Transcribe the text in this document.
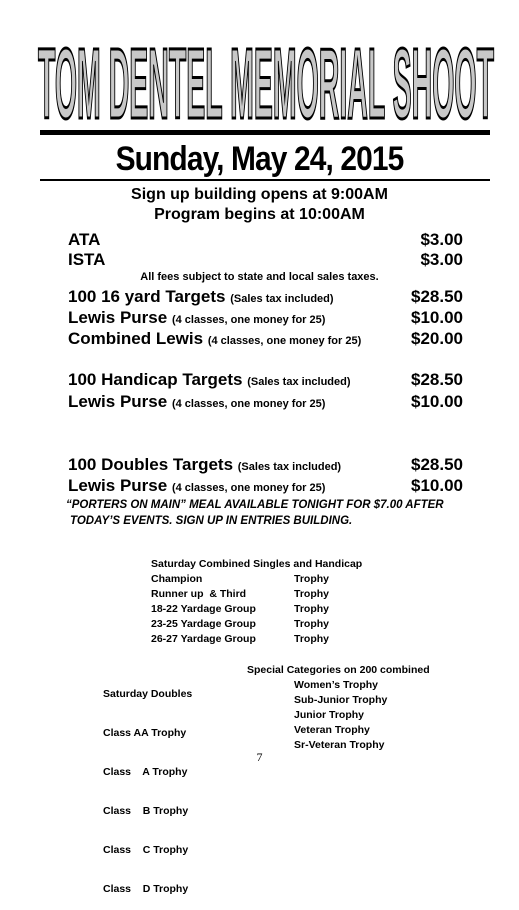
TOM DENTEL MEMORIAL SHOOT
Sunday, May 24, 2015
Sign up building opens at 9:00AM
Program begins at 10:00AM
ATA	$3.00
ISTA	$3.00
All fees subject to state and local sales taxes.
100 16 yard Targets (Sales tax included)	$28.50
Lewis Purse (4 classes, one money for 25)	$10.00
Combined Lewis (4 classes, one money for 25)	$20.00
100 Handicap Targets (Sales tax included)	$28.50
Lewis Purse (4 classes, one money for 25)	$10.00
100 Doubles Targets (Sales tax included)	$28.50
Lewis Purse (4 classes, one money for 25)	$10.00
“PORTERS ON MAIN” MEAL AVAILABLE TONIGHT FOR $7.00 AFTER
TODAY’S EVENTS. SIGN UP IN ENTRIES BUILDING.
Saturday Combined Singles and Handicap
Champion	Trophy
Runner up  & Third	Trophy
18-22 Yardage Group	Trophy
23-25 Yardage Group	Trophy
26-27 Yardage Group	Trophy

Saturday Doubles

Class AA Trophy

Class    A Trophy

Class    B Trophy

Class    C Trophy

Class    D Trophy

Special Categories on 200 combined
Women’s Trophy
Sub-Junior Trophy
Junior Trophy
Veteran Trophy
Sr-Veteran Trophy
7
